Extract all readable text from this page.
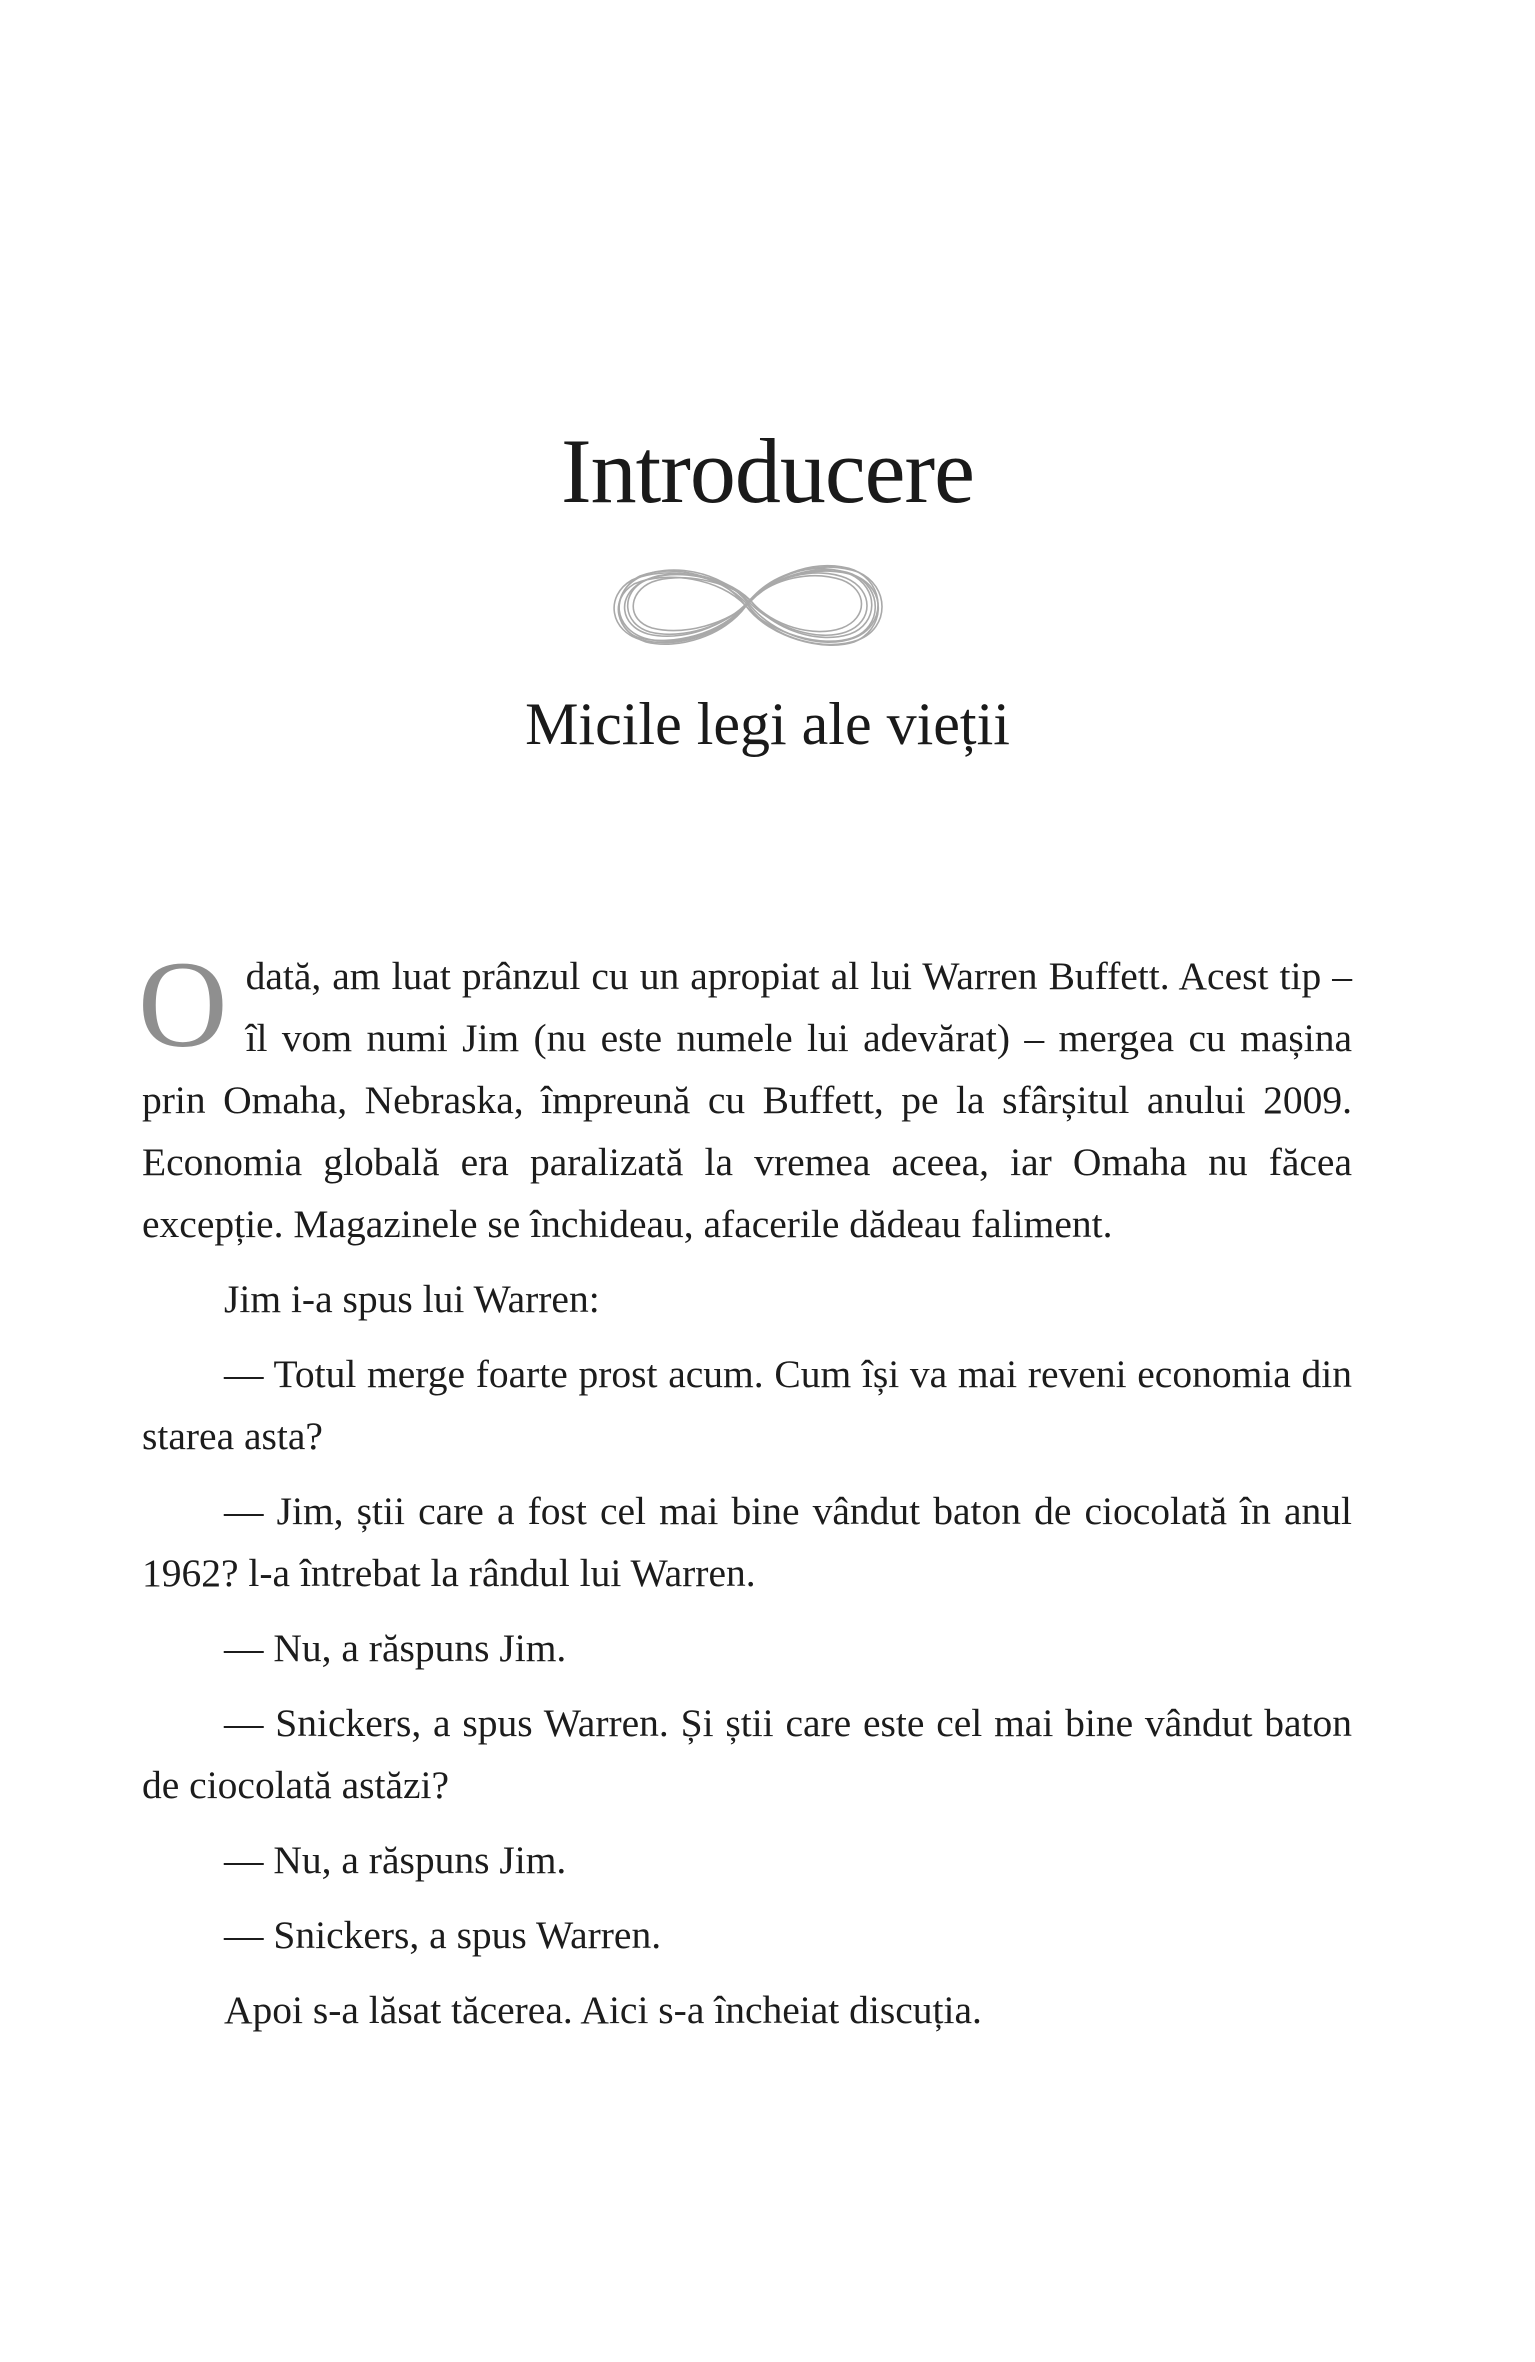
Introducere
Micile legi ale vieții

Odată, am luat prânzul cu un apropiat al lui Warren Buffett. Acest tip – îl vom numi Jim (nu este numele lui adevărat) – mergea cu mașina prin Omaha, Nebraska, împreună cu Buffett, pe la sfârșitul anului 2009. Economia globală era paralizată la vremea aceea, iar Omaha nu făcea excepție. Magazinele se închideau, afacerile dădeau faliment.

Jim i-a spus lui Warren:

— Totul merge foarte prost acum. Cum își va mai reveni economia din starea asta?

— Jim, știi care a fost cel mai bine vândut baton de ciocolată în anul 1962? l-a întrebat la rândul lui Warren.

— Nu, a răspuns Jim.

— Snickers, a spus Warren. Și știi care este cel mai bine vândut baton de ciocolată astăzi?

— Nu, a răspuns Jim.

— Snickers, a spus Warren.

Apoi s-a lăsat tăcerea. Aici s-a încheiat discuția.
